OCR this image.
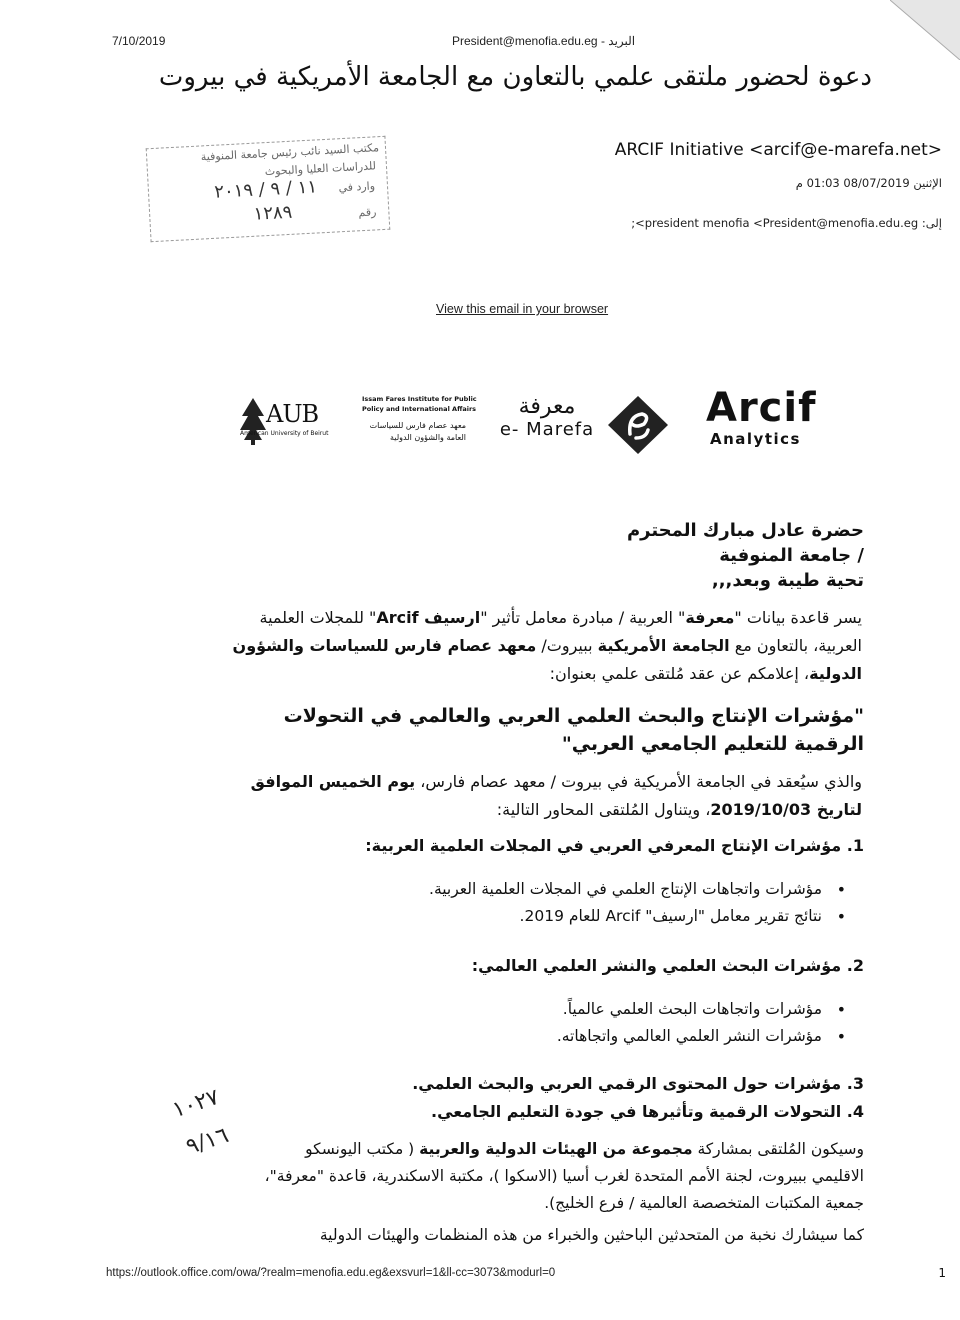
7/10/2019	البريد - President@menofia.edu.eg
دعوة لحضور ملتقى علمي بالتعاون مع الجامعة الأمريكية في بيروت
ARCIF Initiative <arcif@e-marefa.net>
الإثنين 08/07/2019 01:03 م
إلى: president menofia <President@menofia.edu.eg>;
مكتب السيد نائب رئيس جامعة المنوفية
للدراسات العليا والبحوث
وارد في
رقم
١١ / ٩ / ٢٠١٩
١٢٨٩
View this email in your browser
AUB
American University of Beirut
Issam Fares Institute for Public
Policy and International Affairs
معهد عصام فارس للسياسات
العامة والشؤون الدولية
معرفة
e- Marefa	Arcif
Analytics
حضرة عادل مبارك المحترم
/ جامعة المنوفية
تحية طيبة وبعد,,,
يسر قاعدة بيانات "معرفة" العربية / مبادرة معامل تأثير "ارسيف Arcif" للمجلات العلمية العربية، بالتعاون مع الجامعة الأمريكية ببيروت/ معهد عصام فارس للسياسات والشؤون الدولية، إعلامكم عن عقد مُلتقى علمي بعنوان:
"مؤشرات الإنتاج والبحث العلمي العربي والعالمي في التحولات الرقمية للتعليم الجامعي العربي"
والذي سيُعقد في الجامعة الأمريكية في بيروت / معهد عصام فارس، يوم الخميس الموافق لتاريخ 2019/10/03، ويتناول المُلتقى المحاور التالية:
1. مؤشرات الإنتاج المعرفي العربي في المجلات العلمية العربية:
• مؤشرات واتجاهات الإنتاج العلمي في المجلات العلمية العربية.
• نتائج تقرير معامل "ارسيف" Arcif للعام 2019.
2. مؤشرات البحث العلمي والنشر العلمي العالمي:
• مؤشرات واتجاهات البحث العلمي عالمياً.
• مؤشرات النشر العلمي العالمي واتجاهاته.
3. مؤشرات حول المحتوى الرقمي العربي والبحث العلمي.
4. التحولات الرقمية وتأثيرها في جودة التعليم الجامعي.
وسيكون المُلتقى بمشاركة مجموعة من الهيئات الدولية والعربية ( مكتب اليونسكو الاقليمي ببيروت، لجنة الأمم المتحدة لغرب أسيا (الاسكوا )، مكتبة الاسكندرية، قاعدة "معرفة"، جمعية المكتبات المتخصصة العالمية / فرع الخليج).
كما سيشارك نخبة من المتحدثين الباحثين والخبراء من هذه المنظمات والهيئات الدولية
١٠٢٧
٩/١٦
https://outlook.office.com/owa/?realm=menofia.edu.eg&exsvurl=1&ll-cc=3073&modurl=0	1
